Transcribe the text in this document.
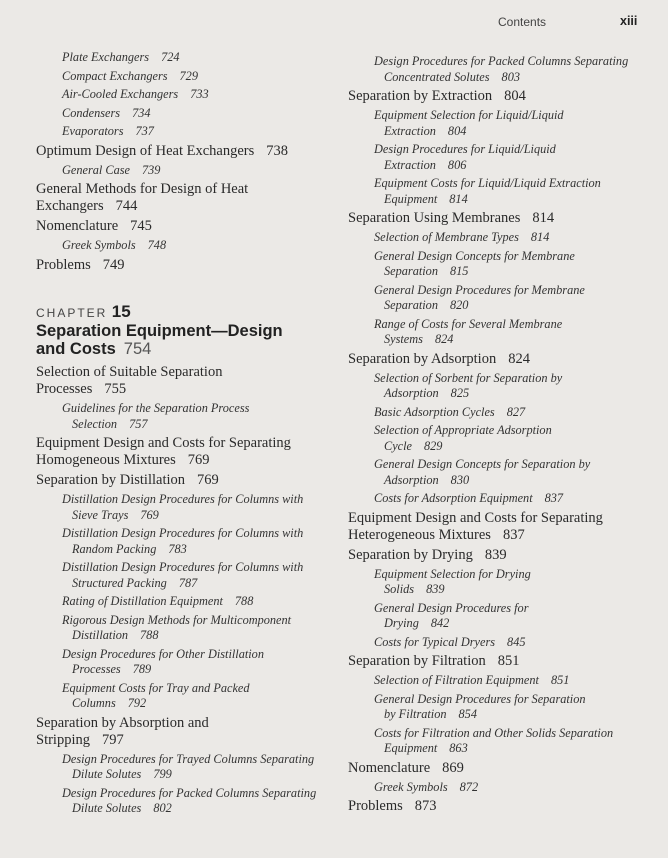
Contents	xiii
Plate Exchangers 724
Compact Exchangers 729
Air-Cooled Exchangers 733
Condensers 734
Evaporators 737
Optimum Design of Heat Exchangers 738
General Case 739
General Methods for Design of Heat
Exchangers 744
Nomenclature 745
Greek Symbols 748
Problems 749
CHAPTER 15
Separation Equipment—Design
and Costs 754
Selection of Suitable Separation
Processes 755
Guidelines for the Separation Process
Selection 757
Equipment Design and Costs for Separating
Homogeneous Mixtures 769
Separation by Distillation 769
Distillation Design Procedures for Columns with
Sieve Trays 769
Distillation Design Procedures for Columns with
Random Packing 783
Distillation Design Procedures for Columns with
Structured Packing 787
Rating of Distillation Equipment 788
Rigorous Design Methods for Multicomponent
Distillation 788
Design Procedures for Other Distillation
Processes 789
Equipment Costs for Tray and Packed
Columns 792
Separation by Absorption and
Stripping 797
Design Procedures for Trayed Columns Separating
Dilute Solutes 799
Design Procedures for Packed Columns Separating
Dilute Solutes 802
Design Procedures for Packed Columns Separating
Concentrated Solutes 803
Separation by Extraction 804
Equipment Selection for Liquid/Liquid
Extraction 804
Design Procedures for Liquid/Liquid
Extraction 806
Equipment Costs for Liquid/Liquid Extraction
Equipment 814
Separation Using Membranes 814
Selection of Membrane Types 814
General Design Concepts for Membrane
Separation 815
General Design Procedures for Membrane
Separation 820
Range of Costs for Several Membrane
Systems 824
Separation by Adsorption 824
Selection of Sorbent for Separation by
Adsorption 825
Basic Adsorption Cycles 827
Selection of Appropriate Adsorption
Cycle 829
General Design Concepts for Separation by
Adsorption 830
Costs for Adsorption Equipment 837
Equipment Design and Costs for Separating
Heterogeneous Mixtures 837
Separation by Drying 839
Equipment Selection for Drying
Solids 839
General Design Procedures for
Drying 842
Costs for Typical Dryers 845
Separation by Filtration 851
Selection of Filtration Equipment 851
General Design Procedures for Separation
by Filtration 854
Costs for Filtration and Other Solids Separation
Equipment 863
Nomenclature 869
Greek Symbols 872
Problems 873
